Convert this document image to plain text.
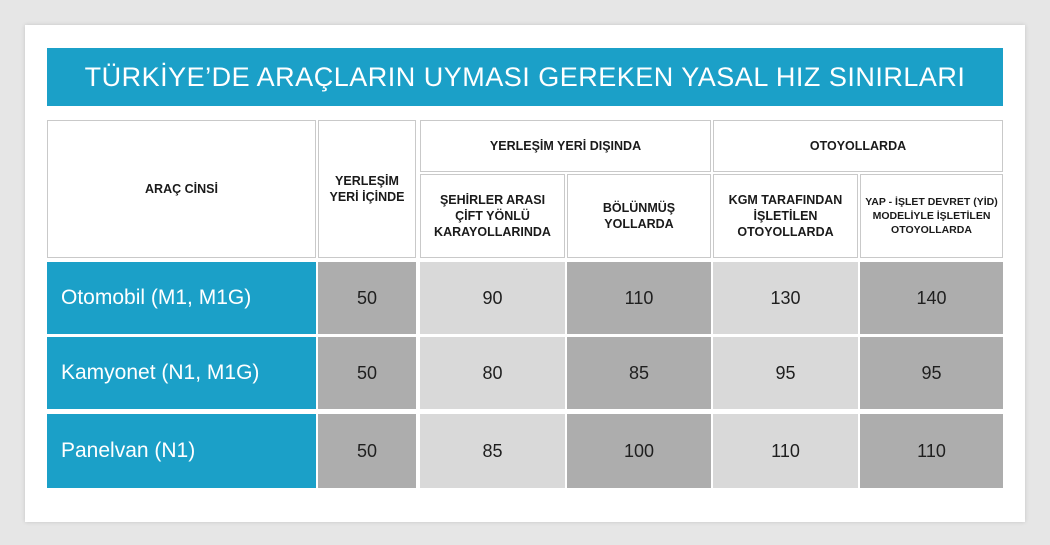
TÜRKİYE’DE ARAÇLARIN UYMASI GEREKEN YASAL HIZ SINIRLARI
ARAÇ CİNSİ
YERLEŞİM YERİ İÇİNDE
YERLEŞİM YERİ DIŞINDA	OTOYOLLARDA
ŞEHİRLER ARASI ÇİFT YÖNLÜ KARAYOLLARINDA
BÖLÜNMÜŞ YOLLARDA
KGM TARAFINDAN İŞLETİLEN OTOYOLLARDA
YAP - İŞLET DEVRET (YİD) MODELİYLE İŞLETİLEN OTOYOLLARDA
Otomobil (M1, M1G)	50	90	110	130	140
Kamyonet (N1, M1G)	50	80	85	95	95
Panelvan (N1)	50	85	100	110	110
